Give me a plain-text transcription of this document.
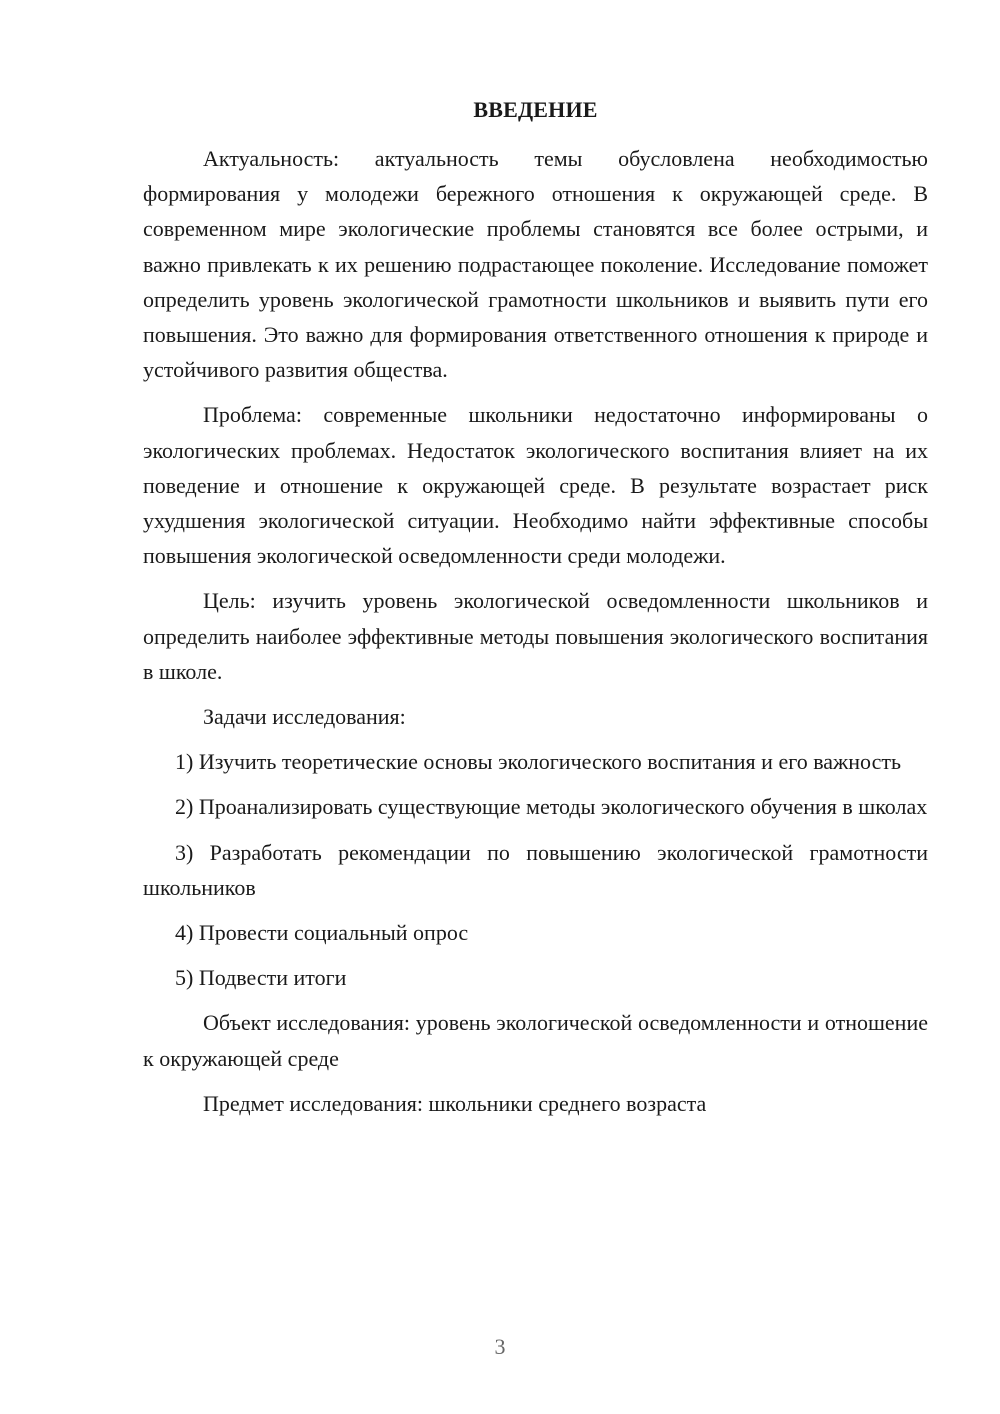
ВВЕДЕНИЕ

Актуальность: актуальность темы обусловлена необходимостью формирования у молодежи бережного отношения к окружающей среде. В современном мире экологические проблемы становятся все более острыми, и важно привлекать к их решению подрастающее поколение. Исследование поможет определить уровень экологической грамотности школьников и выявить пути его повышения. Это важно для формирования ответственного отношения к природе и устойчивого развития общества.

Проблема: современные школьники недостаточно информированы о экологических проблемах. Недостаток экологического воспитания влияет на их поведение и отношение к окружающей среде. В результате возрастает риск ухудшения экологической ситуации. Необходимо найти эффективные способы повышения экологической осведомленности среди молодежи.

Цель: изучить уровень экологической осведомленности школьников и определить наиболее эффективные методы повышения экологического воспитания в школе.

Задачи исследования:

1) Изучить теоретические основы экологического воспитания и его важность

2) Проанализировать существующие методы экологического обучения в школах

3) Разработать рекомендации по повышению экологической грамотности школьников

4) Провести социальный опрос

5) Подвести итоги

Объект исследования: уровень экологической осведомленности и отношение к окружающей среде

Предмет исследования: школьники среднего возраста

3
